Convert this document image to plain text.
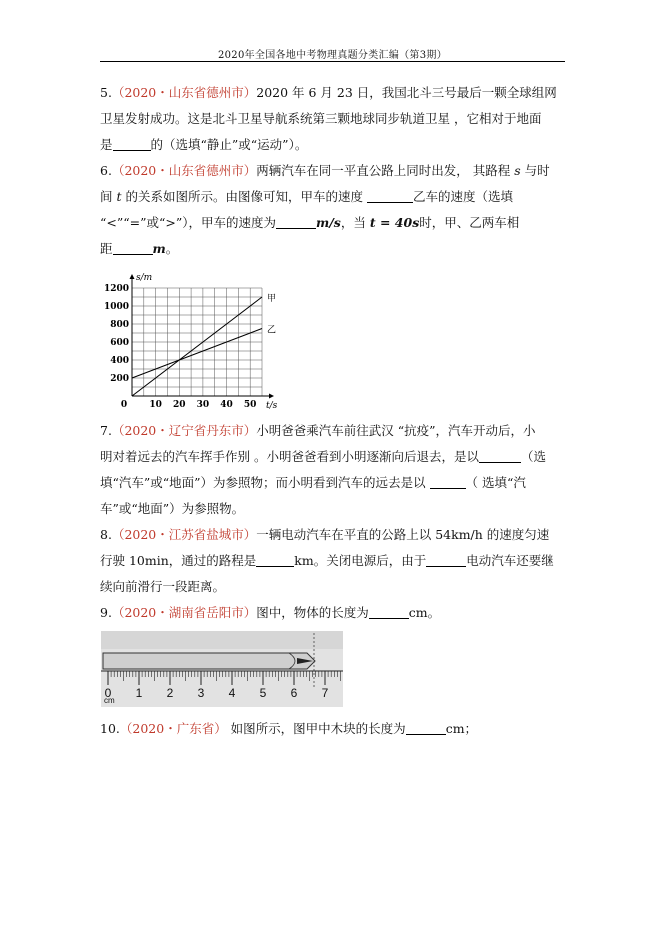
2020年全国各地中考物理真题分类汇编（第3期）
5.（2020・山东省德州市）2020 年 6 月 23 日，我国北斗三号最后一颗全球组网
卫星发射成功。这是北斗卫星导航系统第三颗地球同步轨道卫星 ，它相对于地面
是	的（选填“静止”或“运动”）。
6.（2020・山东省德州市）两辆汽车在同一平直公路上同时出发， 其路程 s 与时
间 t 的关系如图所示。由图像可知，甲车的速度	乙车的速度（选填
“<”“=”或“>”），甲车的速度为	m/s，当 t = 40s时，甲、乙两车相
距	m。
甲
乙
0 10 20 30 40 50
200
400
600
800
1000
1200
t/s
s/m
7.（2020・辽宁省丹东市）小明爸爸乘汽车前往武汉 “抗疫”，汽车开动后，小
明对着远去的汽车挥手作别 。小明爸爸看到小明逐渐向后退去，是以	（选
填“汽车”或“地面”）为参照物；而小明看到汽车的远去是以	（ 选填“汽
车”或“地面”）为参照物。
8.（2020・江苏省盐城市）一辆电动汽车在平直的公路上以 54km/h 的速度匀速
行驶 10min，通过的路程是	km。关闭电源后，由于	电动汽车还要继
续向前滑行一段距离。
9.（2020・湖南省岳阳市）图中，物体的长度为	cm。
0 1 2 3 4 5 6 7
cm
10.（2020・广东省） 如图所示，图甲中木块的长度为	cm；
